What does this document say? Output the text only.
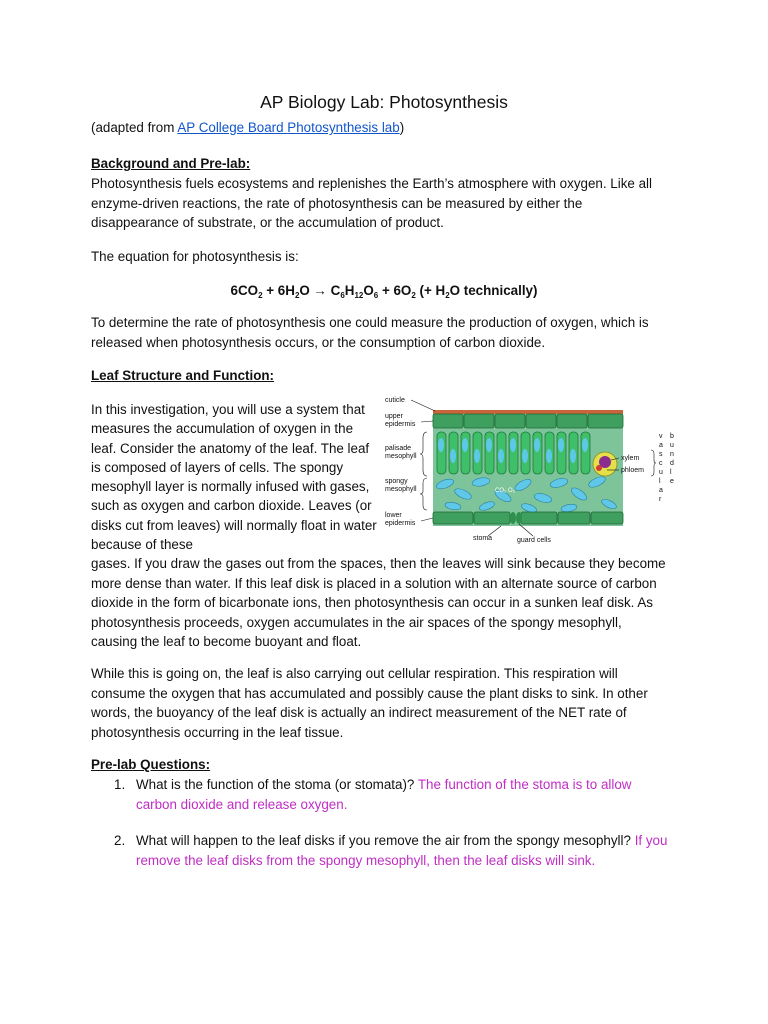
AP Biology Lab: Photosynthesis
(adapted from AP College Board Photosynthesis lab)
Background and Pre-lab:

Photosynthesis fuels ecosystems and replenishes the Earth’s atmosphere with oxygen. Like all enzyme-driven reactions, the rate of photosynthesis can be measured by either the disappearance of substrate, or the accumulation of product.

The equation for photosynthesis is:

$6CO_2 + 6H_2O \to C_6H_{12}O_6 + 6O_2$ (+ $H_2O$ technically)

To determine the rate of photosynthesis one could measure the production of oxygen, which is released when photosynthesis occurs, or the consumption of carbon dioxide.

Leaf Structure and Function:

In this investigation, you will use a system that measures the accumulation of oxygen in the leaf. Consider the anatomy of the leaf. The leaf is composed of layers of cells. The spongy mesophyll layer is normally infused with gases, such as oxygen and carbon dioxide. Leaves (or disks cut from leaves) will normally float in water because of these

cuticle
upper
epidermis
palisade
mesophyll
spongy
mesophyll
lower
epidermis
stoma	guard cells
xylem
phloem
CO₂ O₂
v
a
s
c
u
l
a
r
b
u
n
d
l
e

gases. If you draw the gases out from the spaces, then the leaves will sink because they become more dense than water. If this leaf disk is placed in a solution with an alternate source of carbon dioxide in the form of bicarbonate ions, then photosynthesis can occur in a sunken leaf disk. As photosynthesis proceeds, oxygen accumulates in the air spaces of the spongy mesophyll, causing the leaf to become buoyant and float.

While this is going on, the leaf is also carrying out cellular respiration. This respiration will consume the oxygen that has accumulated and possibly cause the plant disks to sink. In other words, the buoyancy of the leaf disk is actually an indirect measurement of the NET rate of photosynthesis occurring in the leaf tissue.

Pre-lab Questions:
1. What is the function of the stoma (or stomata)? The function of the stoma is to allow carbon dioxide and release oxygen.
2. What will happen to the leaf disks if you remove the air from the spongy mesophyll? If you remove the leaf disks from the spongy mesophyll, then the leaf disks will sink.
